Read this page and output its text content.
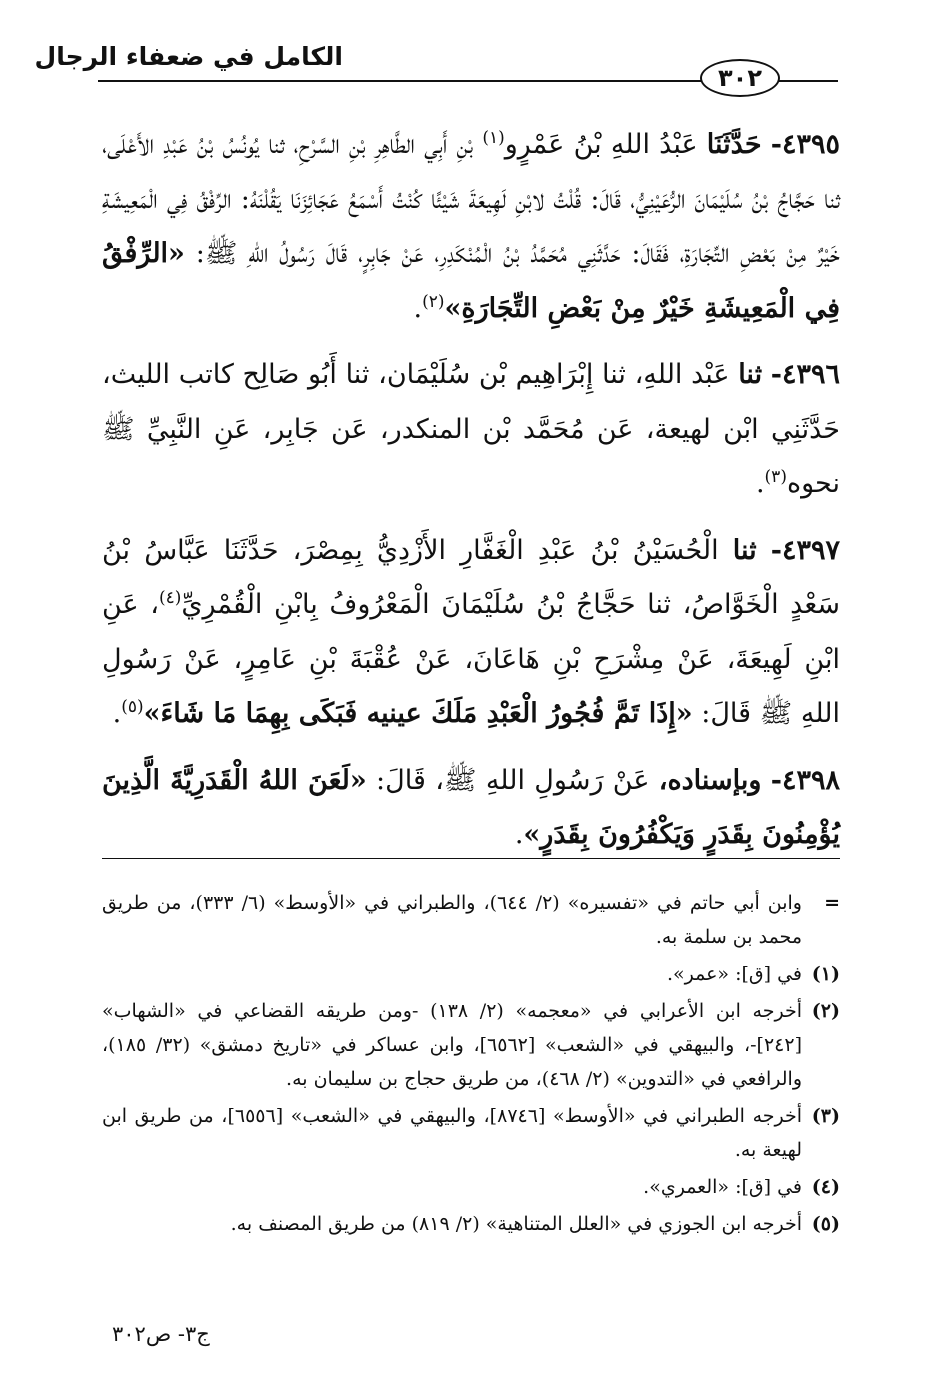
الكامل في ضعفاء الرجال
٣٠٢

٤٣٩٥- حَدَّثَنَا عَبْدُ اللهِ بْنُ عَمْرٍو$^{(١)}$ بْنِ أَبِي الطَّاهِرِ بْنِ السَّرْحِ، ثنا يُونُسُ بْنُ عَبْدِ الأَعْلَى، ثنا حَجَّاجُ بْنُ سُلَيْمَانَ الرُّعَيْنِيُّ، قَالَ: قُلْتُ لابْنِ لَهِيعَةَ شَيْئًا كُنْتُ أَسْمَعُ عَجَائِزَنَا يَقُلْنَهُ: الرِّفْقُ فِي الْمَعِيشَةِ خَيْرٌ مِنْ بَعْضِ التِّجَارَةِ، فَقَالَ: حَدَّثَنِي مُحَمَّدُ بْنُ الْمُنْكَدِرِ، عَنْ جَابِرٍ، قَالَ رَسُولُ اللهِ ﷺ: «الرِّفْقُ فِي الْمَعِيشَةِ خَيْرٌ مِنْ بَعْضِ التِّجَارَةِ»$^{(٢)}$.

٤٣٩٦- ثنا عَبْد اللهِ، ثنا إِبْرَاهِيم بْن سُلَيْمَان، ثنا أَبُو صَالِح كاتب الليث، حَدَّثَنِي ابْن لهيعة، عَن مُحَمَّد بْن المنكدر، عَن جَابِر، عَنِ النَّبِيِّ ﷺ نحوه$^{(٣)}$.

٤٣٩٧- ثنا الْحُسَيْنُ بْنُ عَبْدِ الْغَفَّارِ الأَزْدِيُّ بِمِصْرَ، حَدَّثَنَا عَبَّاسُ بْنُ سَعْدٍ الْخَوَّاصُ، ثنا حَجَّاجُ بْنُ سُلَيْمَانَ الْمَعْرُوفُ بِابْنِ الْقُمْرِيِّ$^{(٤)}$، عَنِ ابْنِ لَهِيعَةَ، عَنْ مِشْرَحِ بْنِ هَاعَانَ، عَنْ عُقْبَةَ بْنِ عَامِرٍ، عَنْ رَسُولِ اللهِ ﷺ قَالَ: «إِذَا تَمَّ فُجُورُ الْعَبْدِ مَلَكَ عينيه فَبَكَى بِهِمَا مَا شَاءَ»$^{(٥)}$.

٤٣٩٨- وبإسناده، عَنْ رَسُولِ اللهِ ﷺ، قَالَ: «لَعَنَ اللهُ الْقَدَرِيَّةَ الَّذِينَ يُؤْمِنُونَ بِقَدَرٍ وَيَكْفُرُونَ بِقَدَرٍ».

=
وابن أبي حاتم في «تفسيره» (٢/ ٦٤٤)، والطبراني في «الأوسط» (٦/ ٣٣٣)، من طريق محمد بن سلمة به.
(١)
في [ق]: «عمر».
(٢)
أخرجه ابن الأعرابي في «معجمه» (٢/ ١٣٨) -ومن طريقه القضاعي في «الشهاب» [٢٤٢]-، والبيهقي في «الشعب» [٦٥٦٢]، وابن عساكر في «تاريخ دمشق» (٣٢/ ١٨٥)، والرافعي في «التدوين» (٢/ ٤٦٨)، من طريق حجاج بن سليمان به.
(٣)
أخرجه الطبراني في «الأوسط» [٨٧٤٦]، والبيهقي في «الشعب» [٦٥٥٦]، من طريق ابن لهيعة به.
(٤)
في [ق]: «العمري».
(٥)
أخرجه ابن الجوزي في «العلل المتناهية» (٢/ ٨١٩) من طريق المصنف به.
ج٣- ص٣٠٢
